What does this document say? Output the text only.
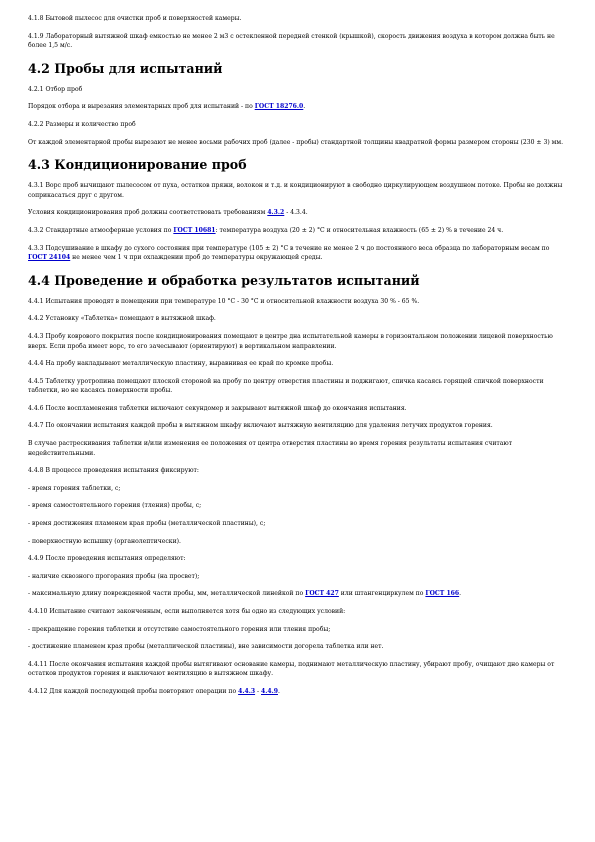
4.1.8 Бытовой пылесос для очистки проб и поверхностей камеры.

4.1.9 Лабораторный вытяжной шкаф емкостью не менее 2 м3 с остекленной передней стенкой (крышкой), скорость движения воздуха в котором должна быть не более 1,5 м/с.

4.2 Пробы для испытаний

4.2.1 Отбор проб

Порядок отбора и вырезания элементарных проб для испытаний - по ГОСТ 18276.0.

4.2.2 Размеры и количество проб

От каждой элементарной пробы вырезают не менее восьми рабочих проб (далее - пробы) стандартной толщины квадратной формы размером стороны (230 ± 3) мм.

4.3 Кондиционирование проб

4.3.1 Ворс проб вычищают пылесосом от пуха, остатков пряжи, волокон и т.д. и кондиционируют в свободно циркулирующем воздушном потоке. Пробы не должны соприкасаться друг с другом.

Условия кондиционирования проб должны соответствовать требованиям 4.3.2 - 4.3.4.

4.3.2 Стандартные атмосферные условия по ГОСТ 10681: температура воздуха (20 ± 2) °С и относительная влажность (65 ± 2) % в течение 24 ч.

4.3.3 Подсушивание в шкафу до сухого состояния при температуре (105 ± 2) °С в течение не менее 2 ч до постоянного веса образца по лабораторным весам по ГОСТ 24104 не менее чем 1 ч при охлаждении проб до температуры окружающей среды.

4.4 Проведение и обработка результатов испытаний

4.4.1 Испытания проводят в помещении при температуре 10 °С - 30 °С и относительной влажности воздуха 30 % - 65 %.

4.4.2 Установку «Таблетка» помещают в вытяжной шкаф.

4.4.3 Пробу коврового покрытия после кондиционирования помещают в центре дна испытательной камеры в горизонтальном положении лицевой поверхностью вверх. Если проба имеет ворс, то его зачесывают (ориентируют) в вертикальном направлении.

4.4.4 На пробу накладывают металлическую пластину, выравнивая ее край по кромке пробы.

4.4.5 Таблетку уротропина помещают плоской стороной на пробу по центру отверстия пластины и поджигают, спичка касаясь горящей спичкой поверхности таблетки, но не касаясь поверхности пробы.

4.4.6 После воспламенения таблетки включают секундомер и закрывают вытяжной шкаф до окончания испытания.

4.4.7 По окончании испытания каждой пробы в вытяжном шкафу включают вытяжную вентиляцию для удаления летучих продуктов горения.

В случае растрескивания таблетки и/или изменения ее положения от центра отверстия пластины во время горения результаты испытания считают недействительными.

4.4.8 В процессе проведения испытания фиксируют:

- время горения таблетки, с;

- время самостоятельного горения (тления) пробы, с;

- время достижения пламенем края пробы (металлической пластины), с;

- поверхностную вспышку (органолептически).

4.4.9 После проведения испытания определяют:

- наличие сквозного прогорания пробы (на просвет);

- максимальную длину поврежденной части пробы, мм, металлической линейкой по ГОСТ 427 или штангенциркулем по ГОСТ 166.

4.4.10 Испытание считают законченным, если выполняется хотя бы одно из следующих условий:

- прекращение горения таблетки и отсутствие самостоятельного горения или тления пробы;

- достижение пламенем края пробы (металлической пластины), вне зависимости догорела таблетка или нет.

4.4.11 После окончания испытания каждой пробы вытягивают основание камеры, поднимают металлическую пластину, убирают пробу, очищают дно камеры от остатков продуктов горения и выключают вентиляцию в вытяжном шкафу.

4.4.12 Для каждой последующей пробы повторяют операции по 4.4.3 - 4.4.9.
